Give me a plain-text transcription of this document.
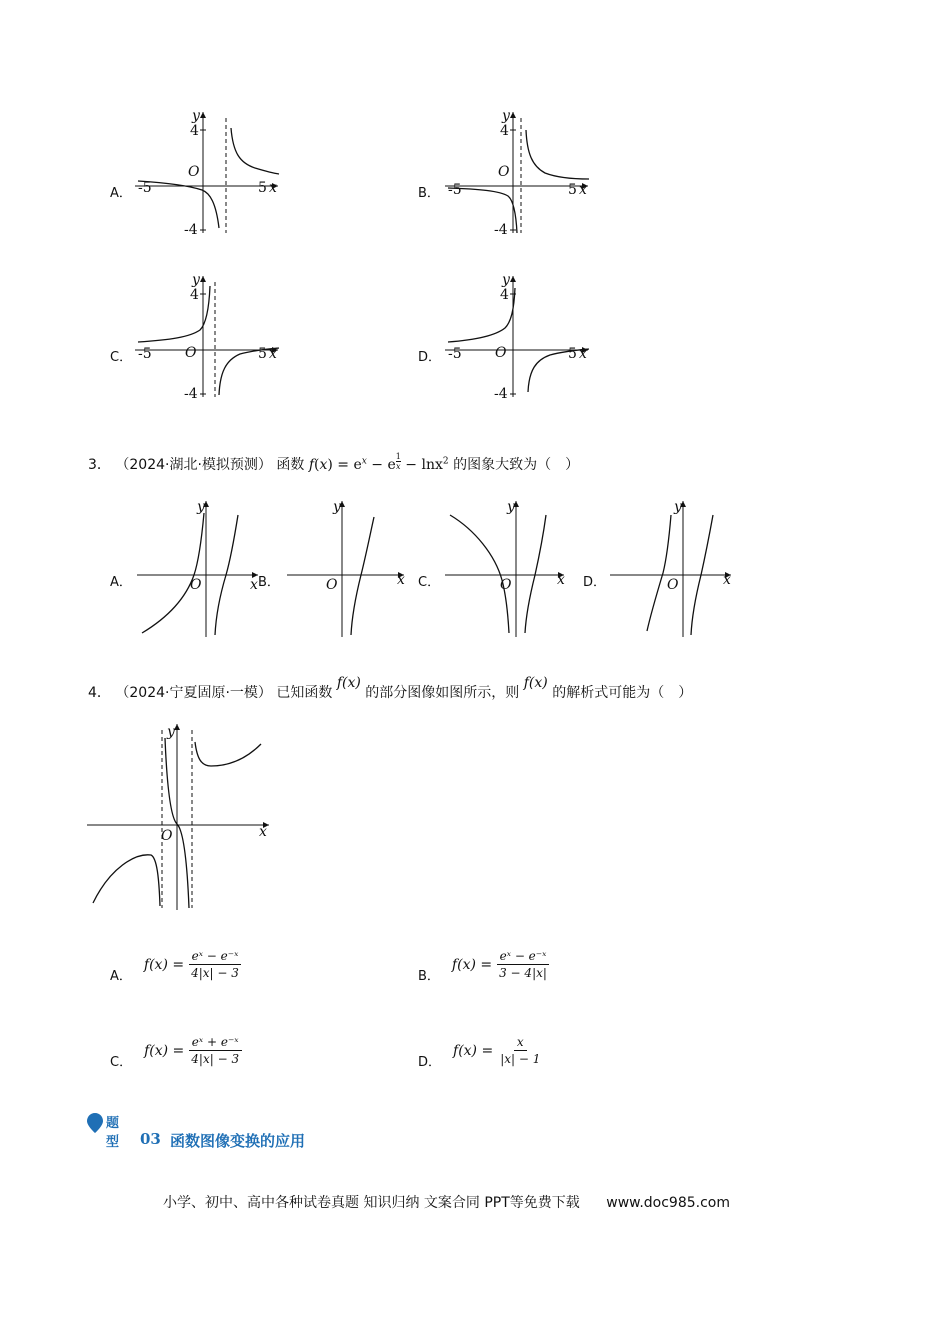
A．
y
4
O
-5	5 x
-4
B．
y
4
O
-5	5 x
-4
C．
y
4
O
-5	5 x
-4
D．
y
4
O
-5	5 x
-4
3． （2024·湖北·模拟预测） 函数 $f(x) = e^x - e$ $^{\frac{1}{x}}$ − lnx$^2$ 的图象大致为（　）
A．
y
O	x B．
y
O	x C．
y
O	x D．
y
O	x
4． （2024·宁夏固原·一模） 已知函数 f(x) 的部分图像如图所示，则 f(x) 的解析式可能为（　）
y
O	x
A．
$f(x) = \frac{\text{eˣ − e⁻ˣ}}{4|x| - 3}$	B．
$f(x) = \frac{\text{eˣ − e⁻ˣ}}{3 - 4|x|}$
C．
$f(x) = \frac{\text{eˣ + e⁻ˣ}}{4|x| - 3}$	D．
$f(x) = \frac{x}{|x| - 1}$
题型 03 函数图像变换的应用
小学、初中、高中各种试卷真题 知识归纳 文案合同 PPT等免费下载 www.doc985.com
